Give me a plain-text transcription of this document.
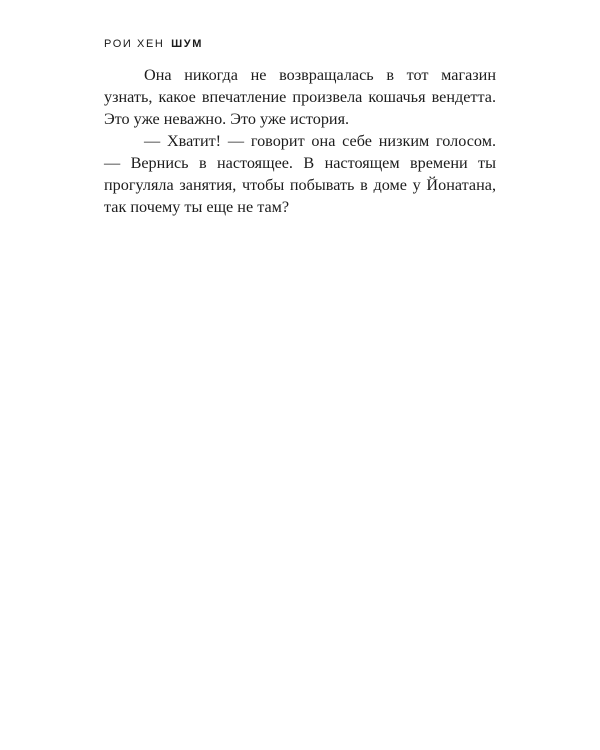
РОИ ХЕН ШУМ

Она никогда не возвращалась в тот магазин узнать, какое впечатление произвела кошачья вендетта. Это уже неважно. Это уже история.

— Хватит! — говорит она себе низким голосом. — Вернись в настоящее. В настоящем времени ты прогуляла занятия, чтобы побывать в доме у Йонатана, так почему ты еще не там?
